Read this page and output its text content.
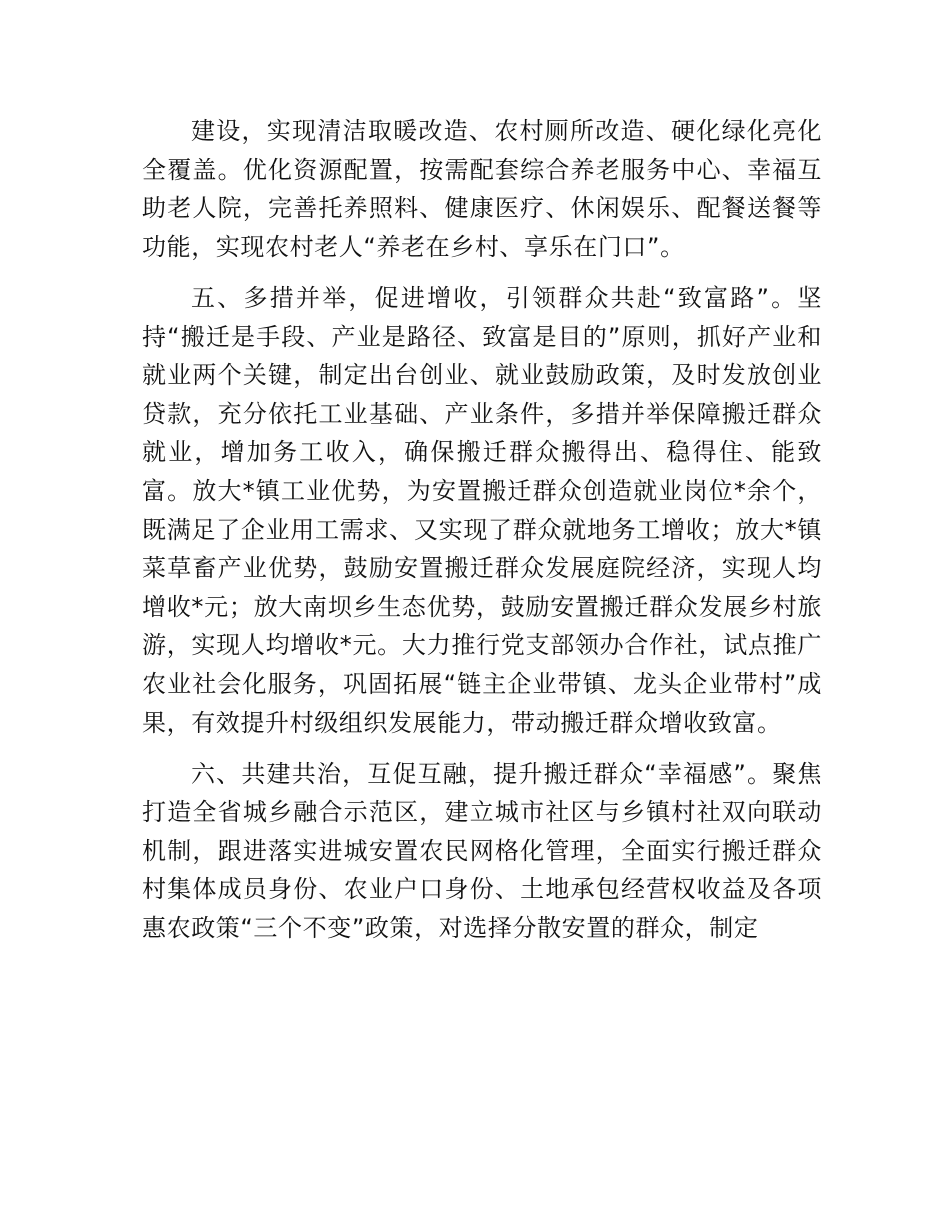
建设，实现清洁取暖改造、农村厕所改造、硬化绿化亮化全覆盖。优化资源配置，按需配套综合养老服务中心、幸福互助老人院，完善托养照料、健康医疗、休闲娱乐、配餐送餐等功能，实现农村老人“养老在乡村、享乐在门口”。

五、多措并举，促进增收，引领群众共赴“致富路”。坚持“搬迁是手段、产业是路径、致富是目的”原则，抓好产业和就业两个关键，制定出台创业、就业鼓励政策，及时发放创业贷款，充分依托工业基础、产业条件，多措并举保障搬迁群众就业，增加务工收入，确保搬迁群众搬得出、稳得住、能致富。放大*镇工业优势，为安置搬迁群众创造就业岗位*余个，既满足了企业用工需求、又实现了群众就地务工增收；放大*镇菜草畜产业优势，鼓励安置搬迁群众发展庭院经济，实现人均增收*元；放大南坝乡生态优势，鼓励安置搬迁群众发展乡村旅游，实现人均增收*元。大力推行党支部领办合作社，试点推广农业社会化服务，巩固拓展“链主企业带镇、龙头企业带村”成果，有效提升村级组织发展能力，带动搬迁群众增收致富。

六、共建共治，互促互融，提升搬迁群众“幸福感”。聚焦打造全省城乡融合示范区，建立城市社区与乡镇村社双向联动机制，跟进落实进城安置农民网格化管理，全面实行搬迁群众村集体成员身份、农业户口身份、土地承包经营权收益及各项惠农政策“三个不变”政策，对选择分散安置的群众，制定
